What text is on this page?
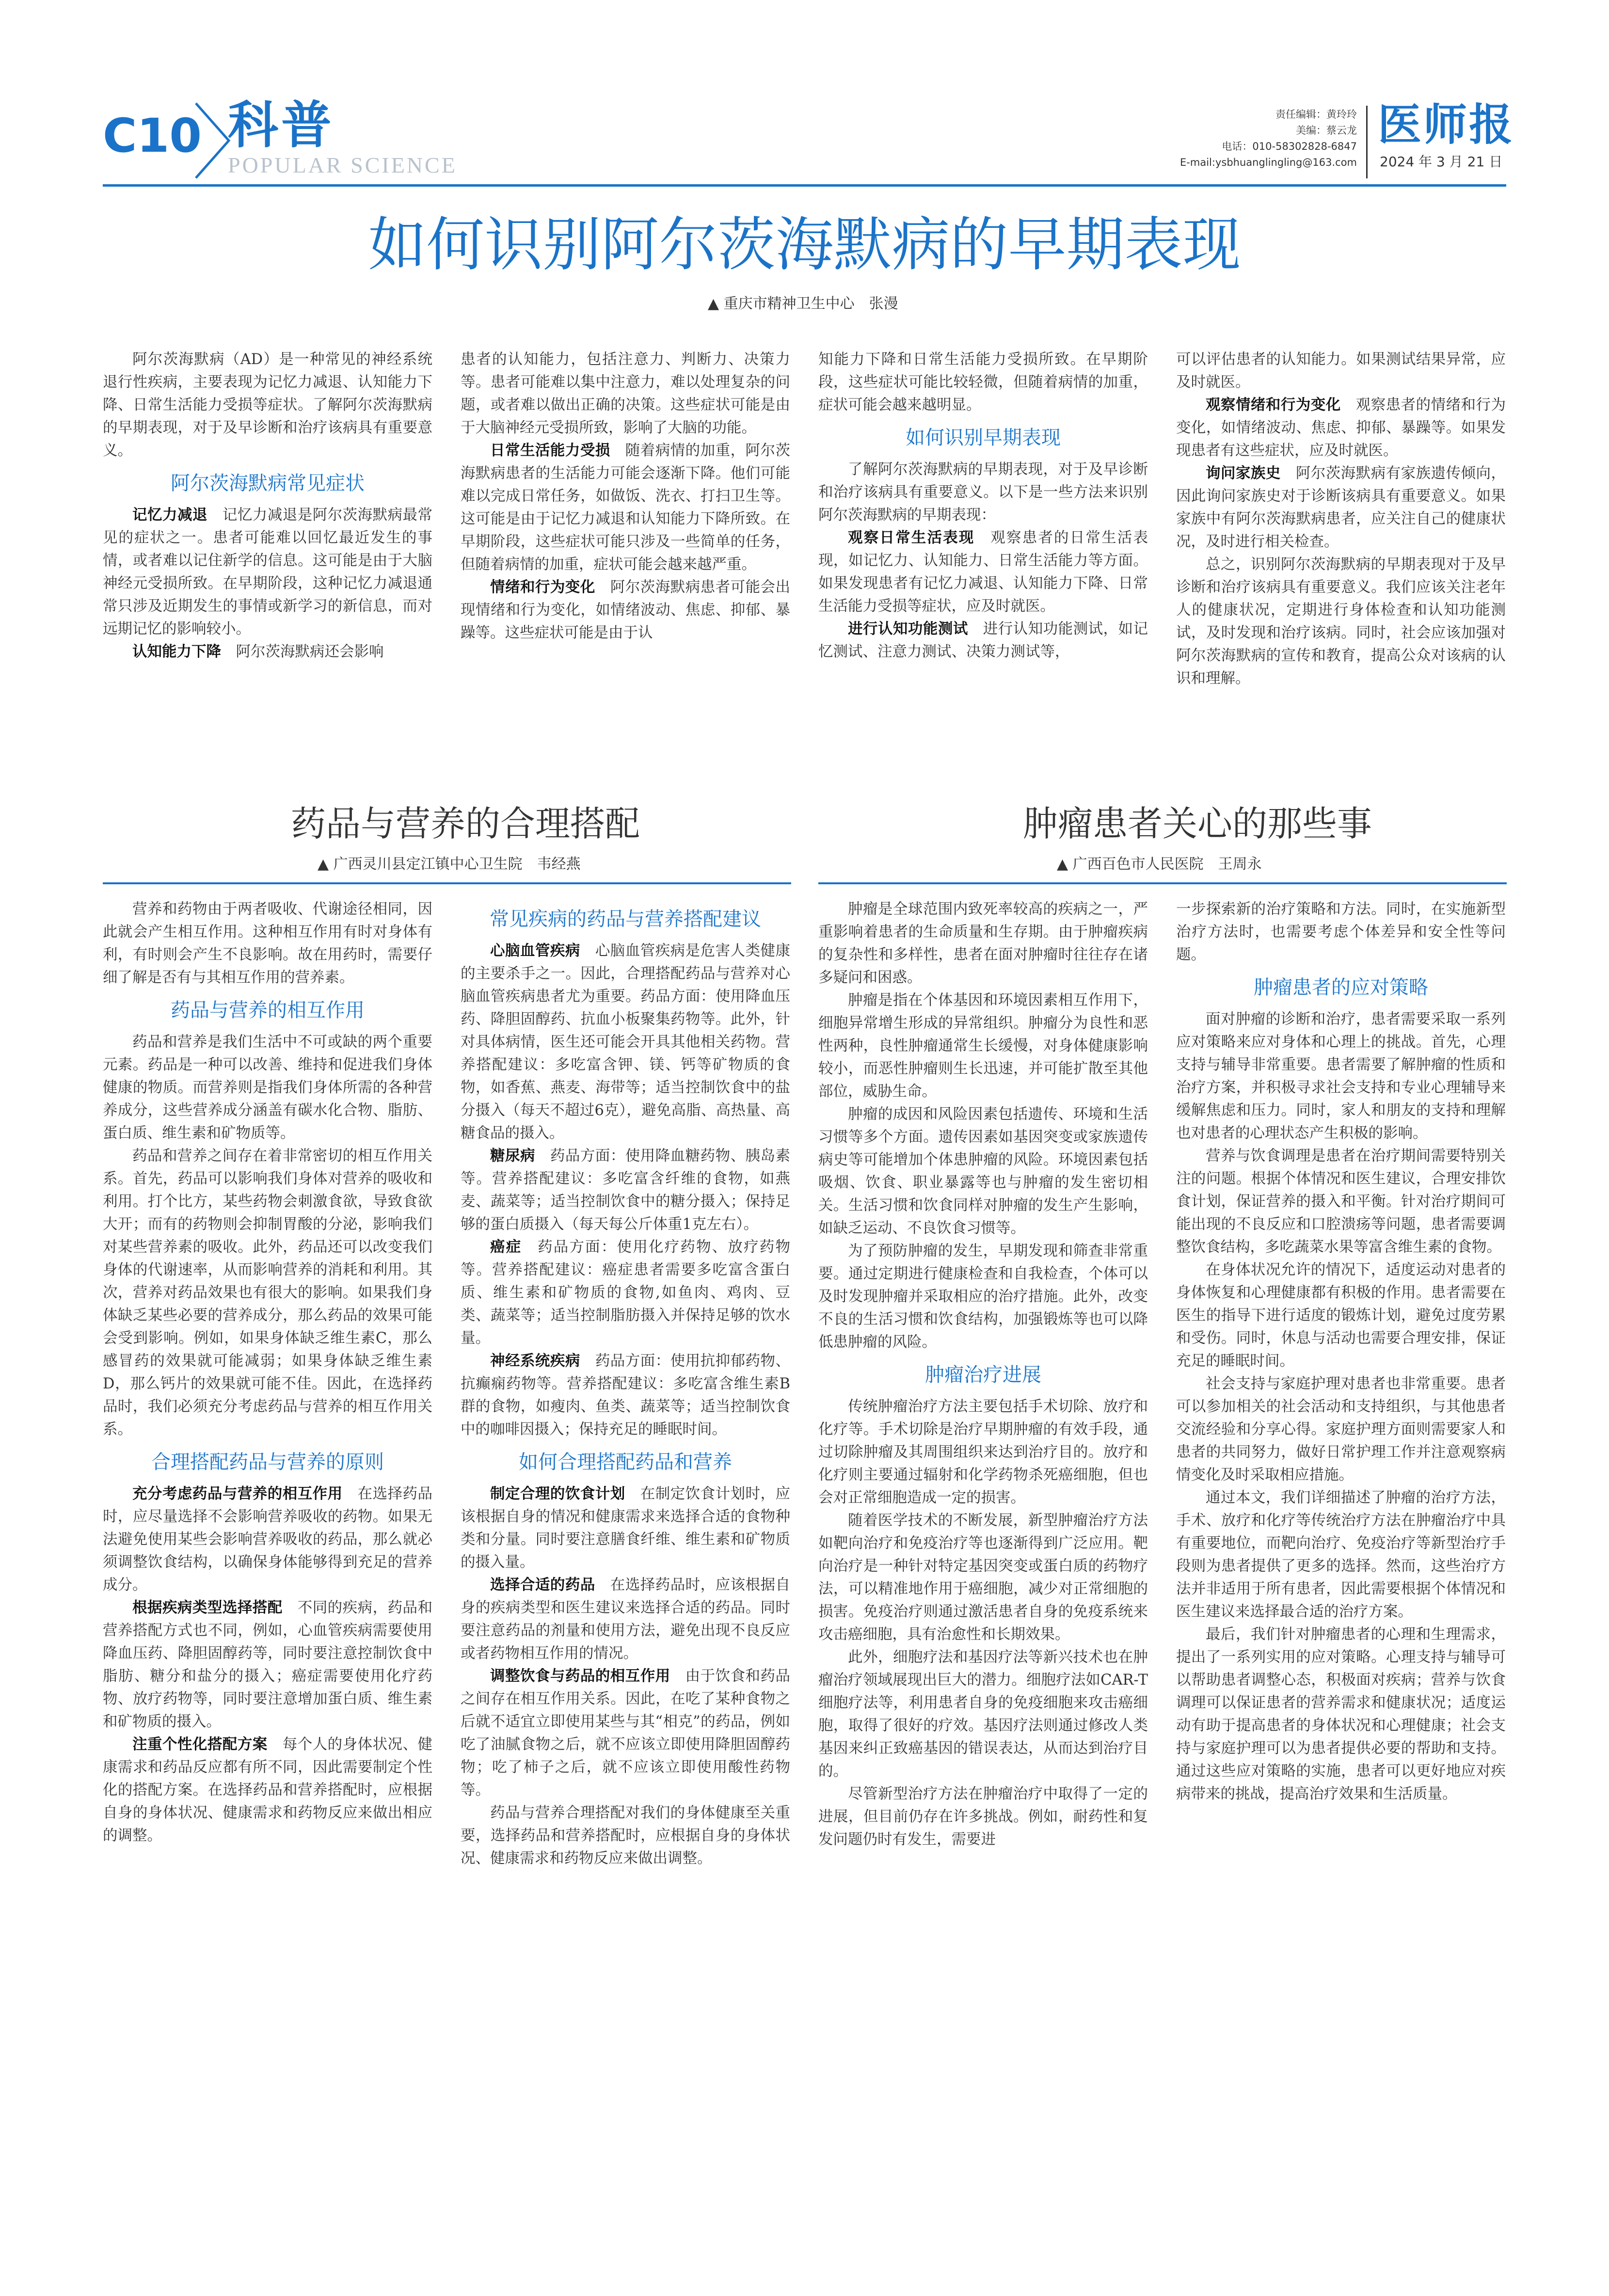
C10 科普
POPULAR SCIENCE
责任编辑：黄玲玲
美编：蔡云龙
电话：010-58302828-6847
E-mail:ysbhuanglingling@163.com
医师报
2024 年 3 月 21 日
如何识别阿尔茨海默病的早期表现
▲ 重庆市精神卫生中心　张漫

阿尔茨海默病（AD）是一种常见的神经系统退行性疾病，主要表现为记忆力减退、认知能力下降、日常生活能力受损等症状。了解阿尔茨海默病的早期表现，对于及早诊断和治疗该病具有重要意义。

阿尔茨海默病常见症状

记忆力减退　记忆力减退是阿尔茨海默病最常见的症状之一。患者可能难以回忆最近发生的事情，或者难以记住新学的信息。这可能是由于大脑神经元受损所致。在早期阶段，这种记忆力减退通常只涉及近期发生的事情或新学习的新信息，而对远期记忆的影响较小。

认知能力下降　阿尔茨海默病还会影响

患者的认知能力，包括注意力、判断力、决策力等。患者可能难以集中注意力，难以处理复杂的问题，或者难以做出正确的决策。这些症状可能是由于大脑神经元受损所致，影响了大脑的功能。

日常生活能力受损　随着病情的加重，阿尔茨海默病患者的生活能力可能会逐渐下降。他们可能难以完成日常任务，如做饭、洗衣、打扫卫生等。这可能是由于记忆力减退和认知能力下降所致。在早期阶段，这些症状可能只涉及一些简单的任务，但随着病情的加重，症状可能会越来越严重。

情绪和行为变化　阿尔茨海默病患者可能会出现情绪和行为变化，如情绪波动、焦虑、抑郁、暴躁等。这些症状可能是由于认

知能力下降和日常生活能力受损所致。在早期阶段，这些症状可能比较轻微，但随着病情的加重，症状可能会越来越明显。

如何识别早期表现

了解阿尔茨海默病的早期表现，对于及早诊断和治疗该病具有重要意义。以下是一些方法来识别阿尔茨海默病的早期表现：

观察日常生活表现　观察患者的日常生活表现，如记忆力、认知能力、日常生活能力等方面。如果发现患者有记忆力减退、认知能力下降、日常生活能力受损等症状，应及时就医。

进行认知功能测试　进行认知功能测试，如记忆测试、注意力测试、决策力测试等，

可以评估患者的认知能力。如果测试结果异常，应及时就医。

观察情绪和行为变化　观察患者的情绪和行为变化，如情绪波动、焦虑、抑郁、暴躁等。如果发现患者有这些症状，应及时就医。

询问家族史　阿尔茨海默病有家族遗传倾向，因此询问家族史对于诊断该病具有重要意义。如果家族中有阿尔茨海默病患者，应关注自己的健康状况，及时进行相关检查。

总之，识别阿尔茨海默病的早期表现对于及早诊断和治疗该病具有重要意义。我们应该关注老年人的健康状况，定期进行身体检查和认知功能测试，及时发现和治疗该病。同时，社会应该加强对阿尔茨海默病的宣传和教育，提高公众对该病的认识和理解。

药品与营养的合理搭配
▲ 广西灵川县定江镇中心卫生院　韦经燕

营养和药物由于两者吸收、代谢途径相同，因此就会产生相互作用。这种相互作用有时对身体有利，有时则会产生不良影响。故在用药时，需要仔细了解是否有与其相互作用的营养素。

药品与营养的相互作用

药品和营养是我们生活中不可或缺的两个重要元素。药品是一种可以改善、维持和促进我们身体健康的物质。而营养则是指我们身体所需的各种营养成分，这些营养成分涵盖有碳水化合物、脂肪、蛋白质、维生素和矿物质等。

药品和营养之间存在着非常密切的相互作用关系。首先，药品可以影响我们身体对营养的吸收和利用。打个比方，某些药物会刺激食欲，导致食欲大开；而有的药物则会抑制胃酸的分泌，影响我们对某些营养素的吸收。此外，药品还可以改变我们身体的代谢速率，从而影响营养的消耗和利用。其次，营养对药品效果也有很大的影响。如果我们身体缺乏某些必要的营养成分，那么药品的效果可能会受到影响。例如，如果身体缺乏维生素C，那么感冒药的效果就可能减弱；如果身体缺乏维生素D，那么钙片的效果就可能不佳。因此，在选择药品时，我们必须充分考虑药品与营养的相互作用关系。

合理搭配药品与营养的原则

充分考虑药品与营养的相互作用　在选择药品时，应尽量选择不会影响营养吸收的药物。如果无法避免使用某些会影响营养吸收的药品，那么就必须调整饮食结构，以确保身体能够得到充足的营养成分。

根据疾病类型选择搭配　不同的疾病，药品和营养搭配方式也不同，例如，心血管疾病需要使用降血压药、降胆固醇药等，同时要注意控制饮食中脂肪、糖分和盐分的摄入；癌症需要使用化疗药物、放疗药物等，同时要注意增加蛋白质、维生素和矿物质的摄入。

注重个性化搭配方案　每个人的身体状况、健康需求和药品反应都有所不同，因此需要制定个性化的搭配方案。在选择药品和营养搭配时，应根据自身的身体状况、健康需求和药物反应来做出相应的调整。

常见疾病的药品与营养搭配建议

心脑血管疾病　心脑血管疾病是危害人类健康的主要杀手之一。因此，合理搭配药品与营养对心脑血管疾病患者尤为重要。药品方面：使用降血压药、降胆固醇药、抗血小板聚集药物等。此外，针对具体病情，医生还可能会开具其他相关药物。营养搭配建议：多吃富含钾、镁、钙等矿物质的食物，如香蕉、燕麦、海带等；适当控制饮食中的盐分摄入（每天不超过6克），避免高脂、高热量、高糖食品的摄入。

糖尿病　药品方面：使用降血糖药物、胰岛素等。营养搭配建议：多吃富含纤维的食物，如燕麦、蔬菜等；适当控制饮食中的糖分摄入；保持足够的蛋白质摄入（每天每公斤体重1克左右）。

癌症　药品方面：使用化疗药物、放疗药物等。营养搭配建议：癌症患者需要多吃富含蛋白质、维生素和矿物质的食物,如鱼肉、鸡肉、豆类、蔬菜等；适当控制脂肪摄入并保持足够的饮水量。

神经系统疾病　药品方面：使用抗抑郁药物、抗癫痫药物等。营养搭配建议：多吃富含维生素B群的食物，如瘦肉、鱼类、蔬菜等；适当控制饮食中的咖啡因摄入；保持充足的睡眠时间。

如何合理搭配药品和营养

制定合理的饮食计划　在制定饮食计划时，应该根据自身的情况和健康需求来选择合适的食物种类和分量。同时要注意膳食纤维、维生素和矿物质的摄入量。

选择合适的药品　在选择药品时，应该根据自身的疾病类型和医生建议来选择合适的药品。同时要注意药品的剂量和使用方法，避免出现不良反应或者药物相互作用的情况。

调整饮食与药品的相互作用　由于饮食和药品之间存在相互作用关系。因此，在吃了某种食物之后就不适宜立即使用某些与其“相克”的药品，例如吃了油腻食物之后，就不应该立即使用降胆固醇药物；吃了柿子之后，就不应该立即使用酸性药物等。

药品与营养合理搭配对我们的身体健康至关重要，选择药品和营养搭配时，应根据自身的身体状况、健康需求和药物反应来做出调整。

肿瘤患者关心的那些事
▲ 广西百色市人民医院　王周永

肿瘤是全球范围内致死率较高的疾病之一，严重影响着患者的生命质量和生存期。由于肿瘤疾病的复杂性和多样性，患者在面对肿瘤时往往存在诸多疑问和困惑。

肿瘤是指在个体基因和环境因素相互作用下，细胞异常增生形成的异常组织。肿瘤分为良性和恶性两种，良性肿瘤通常生长缓慢，对身体健康影响较小，而恶性肿瘤则生长迅速，并可能扩散至其他部位，威胁生命。

肿瘤的成因和风险因素包括遗传、环境和生活习惯等多个方面。遗传因素如基因突变或家族遗传病史等可能增加个体患肿瘤的风险。环境因素包括吸烟、饮食、职业暴露等也与肿瘤的发生密切相关。生活习惯和饮食同样对肿瘤的发生产生影响，如缺乏运动、不良饮食习惯等。

为了预防肿瘤的发生，早期发现和筛查非常重要。通过定期进行健康检查和自我检查，个体可以及时发现肿瘤并采取相应的治疗措施。此外，改变不良的生活习惯和饮食结构，加强锻炼等也可以降低患肿瘤的风险。

肿瘤治疗进展

传统肿瘤治疗方法主要包括手术切除、放疗和化疗等。手术切除是治疗早期肿瘤的有效手段，通过切除肿瘤及其周围组织来达到治疗目的。放疗和化疗则主要通过辐射和化学药物杀死癌细胞，但也会对正常细胞造成一定的损害。

随着医学技术的不断发展，新型肿瘤治疗方法如靶向治疗和免疫治疗等也逐渐得到广泛应用。靶向治疗是一种针对特定基因突变或蛋白质的药物疗法，可以精准地作用于癌细胞，减少对正常细胞的损害。免疫治疗则通过激活患者自身的免疫系统来攻击癌细胞，具有治愈性和长期效果。

此外，细胞疗法和基因疗法等新兴技术也在肿瘤治疗领域展现出巨大的潜力。细胞疗法如CAR-T细胞疗法等，利用患者自身的免疫细胞来攻击癌细胞，取得了很好的疗效。基因疗法则通过修改人类基因来纠正致癌基因的错误表达，从而达到治疗目的。

尽管新型治疗方法在肿瘤治疗中取得了一定的进展，但目前仍存在许多挑战。例如，耐药性和复发问题仍时有发生，需要进

一步探索新的治疗策略和方法。同时，在实施新型治疗方法时，也需要考虑个体差异和安全性等问题。

肿瘤患者的应对策略

面对肿瘤的诊断和治疗，患者需要采取一系列应对策略来应对身体和心理上的挑战。首先，心理支持与辅导非常重要。患者需要了解肿瘤的性质和治疗方案，并积极寻求社会支持和专业心理辅导来缓解焦虑和压力。同时，家人和朋友的支持和理解也对患者的心理状态产生积极的影响。

营养与饮食调理是患者在治疗期间需要特别关注的问题。根据个体情况和医生建议，合理安排饮食计划，保证营养的摄入和平衡。针对治疗期间可能出现的不良反应和口腔溃疡等问题，患者需要调整饮食结构，多吃蔬菜水果等富含维生素的食物。

在身体状况允许的情况下，适度运动对患者的身体恢复和心理健康都有积极的作用。患者需要在医生的指导下进行适度的锻炼计划，避免过度劳累和受伤。同时，休息与活动也需要合理安排，保证充足的睡眠时间。

社会支持与家庭护理对患者也非常重要。患者可以参加相关的社会活动和支持组织，与其他患者交流经验和分享心得。家庭护理方面则需要家人和患者的共同努力，做好日常护理工作并注意观察病情变化及时采取相应措施。

通过本文，我们详细描述了肿瘤的治疗方法，手术、放疗和化疗等传统治疗方法在肿瘤治疗中具有重要地位，而靶向治疗、免疫治疗等新型治疗手段则为患者提供了更多的选择。然而，这些治疗方法并非适用于所有患者，因此需要根据个体情况和医生建议来选择最合适的治疗方案。

最后，我们针对肿瘤患者的心理和生理需求，提出了一系列实用的应对策略。心理支持与辅导可以帮助患者调整心态，积极面对疾病；营养与饮食调理可以保证患者的营养需求和健康状况；适度运动有助于提高患者的身体状况和心理健康；社会支持与家庭护理可以为患者提供必要的帮助和支持。通过这些应对策略的实施，患者可以更好地应对疾病带来的挑战，提高治疗效果和生活质量。
